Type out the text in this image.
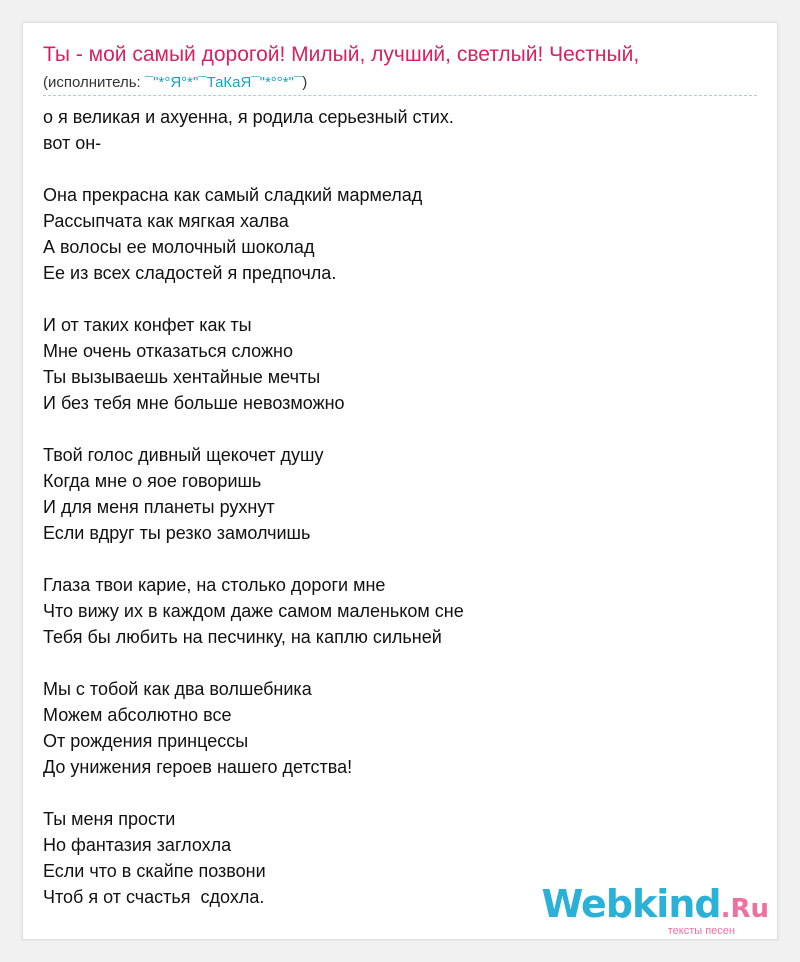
Ты - мой самый дорогой! Милый, лучший, светлый! Честный,
(исполнитель: ¯"*°Я°*"¯ТаКаЯ¯"*°°*"¯)
о я великая и ахуенна, я родила серьезный стих.
вот он-
Она прекрасна как самый сладкий мармелад
Рассыпчата как мягкая халва
А волосы ее молочный шоколад
Ее из всех сладостей я предпочла.
И от таких конфет как ты
Мне очень отказаться сложно
Ты вызываешь хентайные мечты
И без тебя мне больше невозможно
Твой голос дивный щекочет душу
Когда мне о яое говоришь
И для меня планеты рухнут
Если вдруг ты резко замолчишь
Глаза твои карие, на столько дороги мне
Что вижу их в каждом даже самом маленьком сне
Тебя бы любить на песчинку, на каплю сильней
Мы с тобой как два волшебника
Можем абсолютно все
От рождения принцессы
До унижения героев нашего детства!
Ты меня прости
Но фантазия заглохла
Если что в скайпе позвони
Чтоб я от счастья  сдохла.	Webkind.Ru
тексты песен
